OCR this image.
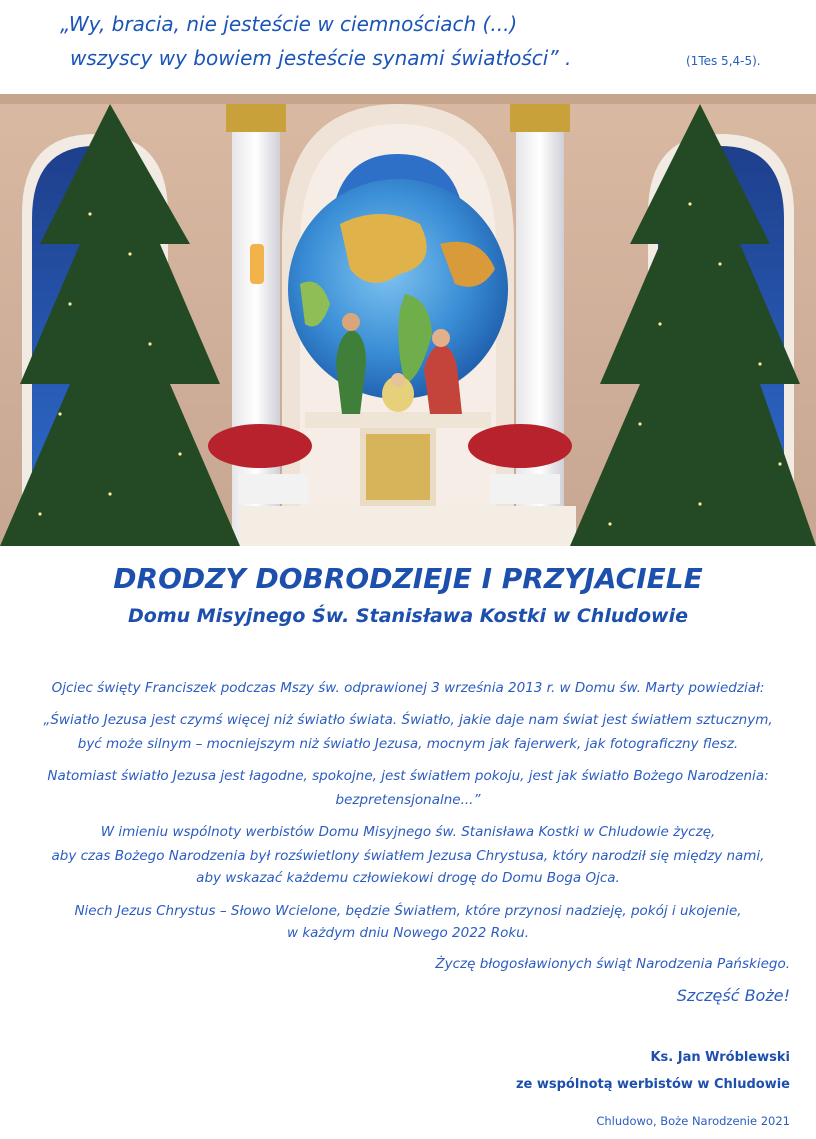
„Wy, bracia, nie jesteście w ciemnościach (...)
wszyscy wy bowiem jesteście synami światłości” .	(1Tes 5,4-5).
DRODZY DOBRODZIEJE I PRZYJACIELE
Domu Misyjnego Św. Stanisława Kostki w Chludowie
Ojciec święty Franciszek podczas Mszy św. odprawionej 3 września 2013 r. w Domu św. Marty powiedział:
„Światło Jezusa jest czymś więcej niż światło świata. Światło, jakie daje nam świat jest światłem sztucznym,
być może silnym – mocniejszym niż światło Jezusa, mocnym jak fajerwerk, jak fotograficzny flesz.
Natomiast światło Jezusa jest łagodne, spokojne, jest światłem pokoju, jest jak światło Bożego Narodzenia:
bezpretensjonalne...”
W imieniu wspólnoty werbistów Domu Misyjnego św. Stanisława Kostki w Chludowie życzę,
aby czas Bożego Narodzenia był rozświetlony światłem Jezusa Chrystusa, który narodził się między nami,
aby wskazać każdemu człowiekowi drogę do Domu Boga Ojca.
Niech Jezus Chrystus – Słowo Wcielone, będzie Światłem, które przynosi nadzieję, pokój i ukojenie,
w każdym dniu Nowego 2022 Roku.
Życzę błogosławionych świąt Narodzenia Pańskiego.
Szczęść Boże!
Ks. Jan Wróblewski
ze wspólnotą werbistów w Chludowie
Chludowo, Boże Narodzenie 2021
